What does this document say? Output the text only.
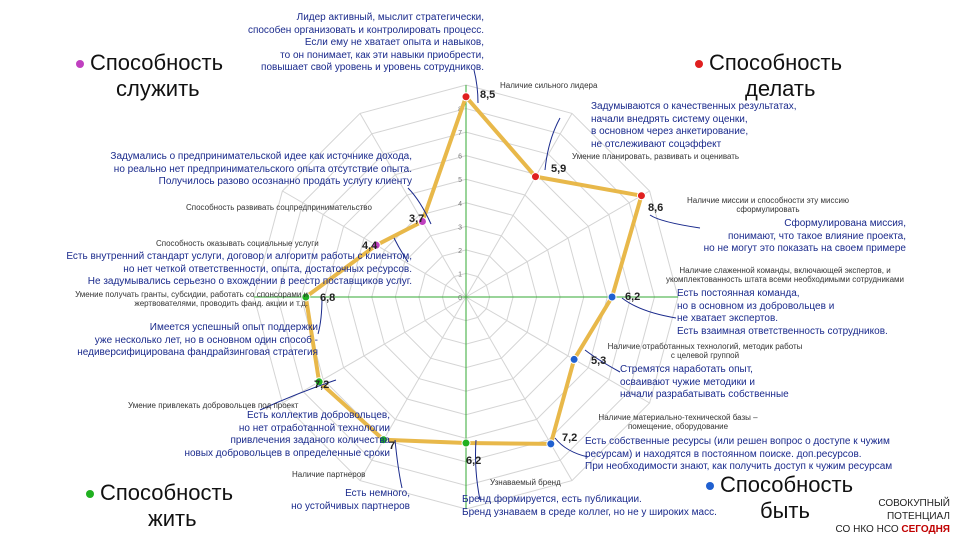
0
1
2
3
4
5
6
7
8
Способность
служить
Способность
делать
Способность
жить
Способность
быть
Наличие сильного лидера
Умение планировать, развивать и оценивать
Наличие миссии и способности эту миссию сформулировать
Наличие слаженной команды, включающей экспертов, и укомплектованность штата всеми необходимыми сотрудниками
Наличие отработанных технологий, методик работы с целевой группой
Наличие материально-технической базы – помещение, оборудование
Узнаваемый бренд
Наличие партнеров
Умение привлекать добровольцев под проект
Умение получать гранты, субсидии, работать со спонсорами и жертвователями, проводить фанд. акции и т.д.
Способность оказывать социальные услуги
Способность развивать соцпредпринимательство
8,5
5,9
8,6
6,2
5,3
7,2
6,2
7
7,2
6,8
4,4
3,7
Лидер активный, мыслит стратегически,
способен организовать и контролировать процесс.
Если ему не хватает опыта и навыков,
то он понимает, как эти навыки приобрести,
повышает свой уровень и уровень сотрудников.
Задумываются о качественных результатах,
начали внедрять систему оценки,
в основном через анкетирование,
не отслеживают соцэффект
Сформулирована миссия,
понимают, что такое влияние проекта,
но не могут это показать на своем примере
Есть постоянная команда,
но в основном из добровольцев и
не хватает экспертов.
Есть взаимная ответственность сотрудников.
Стремятся наработать опыт,
осваивают чужие методики и
начали разрабатывать собственные
Есть собственные ресурсы (или решен вопрос о доступе к чужим
ресурсам) и находятся в постоянном поиске. доп.ресурсов.
При необходимости знают, как получить доступ к чужим ресурсам
Бренд формируется, есть публикации.
Бренд узнаваем в среде коллег, но не у широких масс.
Есть немного,
но устойчивых партнеров
Есть коллектив добровольцев,
но нет отработанной технологии
привлечения заданого количества
новых добровольцев в определенные сроки
Имеется успешный опыт поддержки
уже несколько лет, но в основном один способ -
недиверсифицирована фандрайзинговая стратегия
Есть внутренний стандарт услуги, договор и алгоритм работы с клиентом,
но нет четкой ответственности, опыта, достаточных ресурсов.
Не задумывались серьезно о вхождении в реестр поставщиков услуг.
Задумались о предпринимательской идее как источнике дохода,
но реально нет предпринимательского опыта отсутствие опыта.
Получилось разово осознанно продать услугу клиенту
СОВОКУПНЫЙ
ПОТЕНЦИАЛ
СО НКО НСО СЕГОДНЯ
